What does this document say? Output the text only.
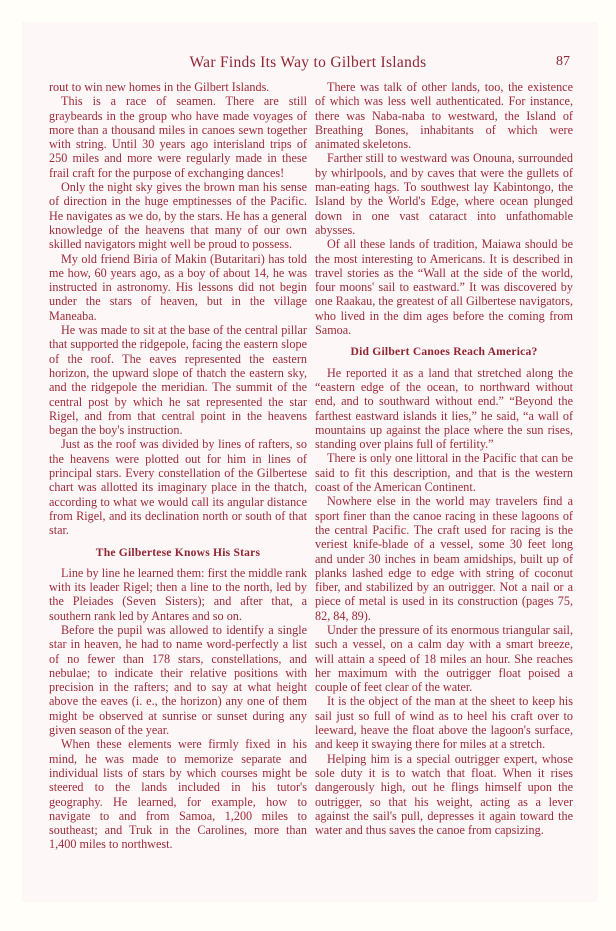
War Finds Its Way to Gilbert Islands	87

rout to win new homes in the Gilbert Islands.

This is a race of seamen. There are still graybeards in the group who have made voyages of more than a thousand miles in canoes sewn together with string. Until 30 years ago interisland trips of 250 miles and more were regularly made in these frail craft for the purpose of exchanging dances!

Only the night sky gives the brown man his sense of direction in the huge emptinesses of the Pacific. He navigates as we do, by the stars. He has a general knowledge of the heavens that many of our own skilled navigators might well be proud to possess.

My old friend Biria of Makin (Butaritari) has told me how, 60 years ago, as a boy of about 14, he was instructed in astronomy. His lessons did not begin under the stars of heaven, but in the village Maneaba.

He was made to sit at the base of the central pillar that supported the ridgepole, facing the eastern slope of the roof. The eaves represented the eastern horizon, the upward slope of thatch the eastern sky, and the ridgepole the meridian. The summit of the central post by which he sat represented the star Rigel, and from that central point in the heavens began the boy's instruction.

Just as the roof was divided by lines of rafters, so the heavens were plotted out for him in lines of principal stars. Every constellation of the Gilbertese chart was allotted its imaginary place in the thatch, according to what we would call its angular distance from Rigel, and its declination north or south of that star.

The Gilbertese Knows His Stars

Line by line he learned them: first the middle rank with its leader Rigel; then a line to the north, led by the Pleiades (Seven Sisters); and after that, a southern rank led by Antares and so on.

Before the pupil was allowed to identify a single star in heaven, he had to name word-perfectly a list of no fewer than 178 stars, constellations, and nebulae; to indicate their relative positions with precision in the rafters; and to say at what height above the eaves (i. e., the horizon) any one of them might be observed at sunrise or sunset during any given season of the year.

When these elements were firmly fixed in his mind, he was made to memorize separate and individual lists of stars by which courses might be steered to the lands included in his tutor's geography. He learned, for example, how to navigate to and from Samoa, 1,200 miles to southeast; and Truk in the Carolines, more than 1,400 miles to northwest.

There was talk of other lands, too, the existence of which was less well authenticated. For instance, there was Naba-naba to westward, the Island of Breathing Bones, inhabitants of which were animated skeletons.

Farther still to westward was Onouna, surrounded by whirlpools, and by caves that were the gullets of man-eating hags. To southwest lay Kabintongo, the Island by the World's Edge, where ocean plunged down in one vast cataract into unfathomable abysses.

Of all these lands of tradition, Maiawa should be the most interesting to Americans. It is described in travel stories as the “Wall at the side of the world, four moons' sail to eastward.” It was discovered by one Raakau, the greatest of all Gilbertese navigators, who lived in the dim ages before the coming from Samoa.

Did Gilbert Canoes Reach America?

He reported it as a land that stretched along the “eastern edge of the ocean, to northward without end, and to southward without end.” “Beyond the farthest eastward islands it lies,” he said, “a wall of mountains up against the place where the sun rises, standing over plains full of fertility.”

There is only one littoral in the Pacific that can be said to fit this description, and that is the western coast of the American Continent.

Nowhere else in the world may travelers find a sport finer than the canoe racing in these lagoons of the central Pacific. The craft used for racing is the veriest knife-blade of a vessel, some 30 feet long and under 30 inches in beam amidships, built up of planks lashed edge to edge with string of coconut fiber, and stabilized by an outrigger. Not a nail or a piece of metal is used in its construction (pages 75, 82, 84, 89).

Under the pressure of its enormous triangular sail, such a vessel, on a calm day with a smart breeze, will attain a speed of 18 miles an hour. She reaches her maximum with the outrigger float poised a couple of feet clear of the water.

It is the object of the man at the sheet to keep his sail just so full of wind as to heel his craft over to leeward, heave the float above the lagoon's surface, and keep it swaying there for miles at a stretch.

Helping him is a special outrigger expert, whose sole duty it is to watch that float. When it rises dangerously high, out he flings himself upon the outrigger, so that his weight, acting as a lever against the sail's pull, depresses it again toward the water and thus saves the canoe from capsizing.
